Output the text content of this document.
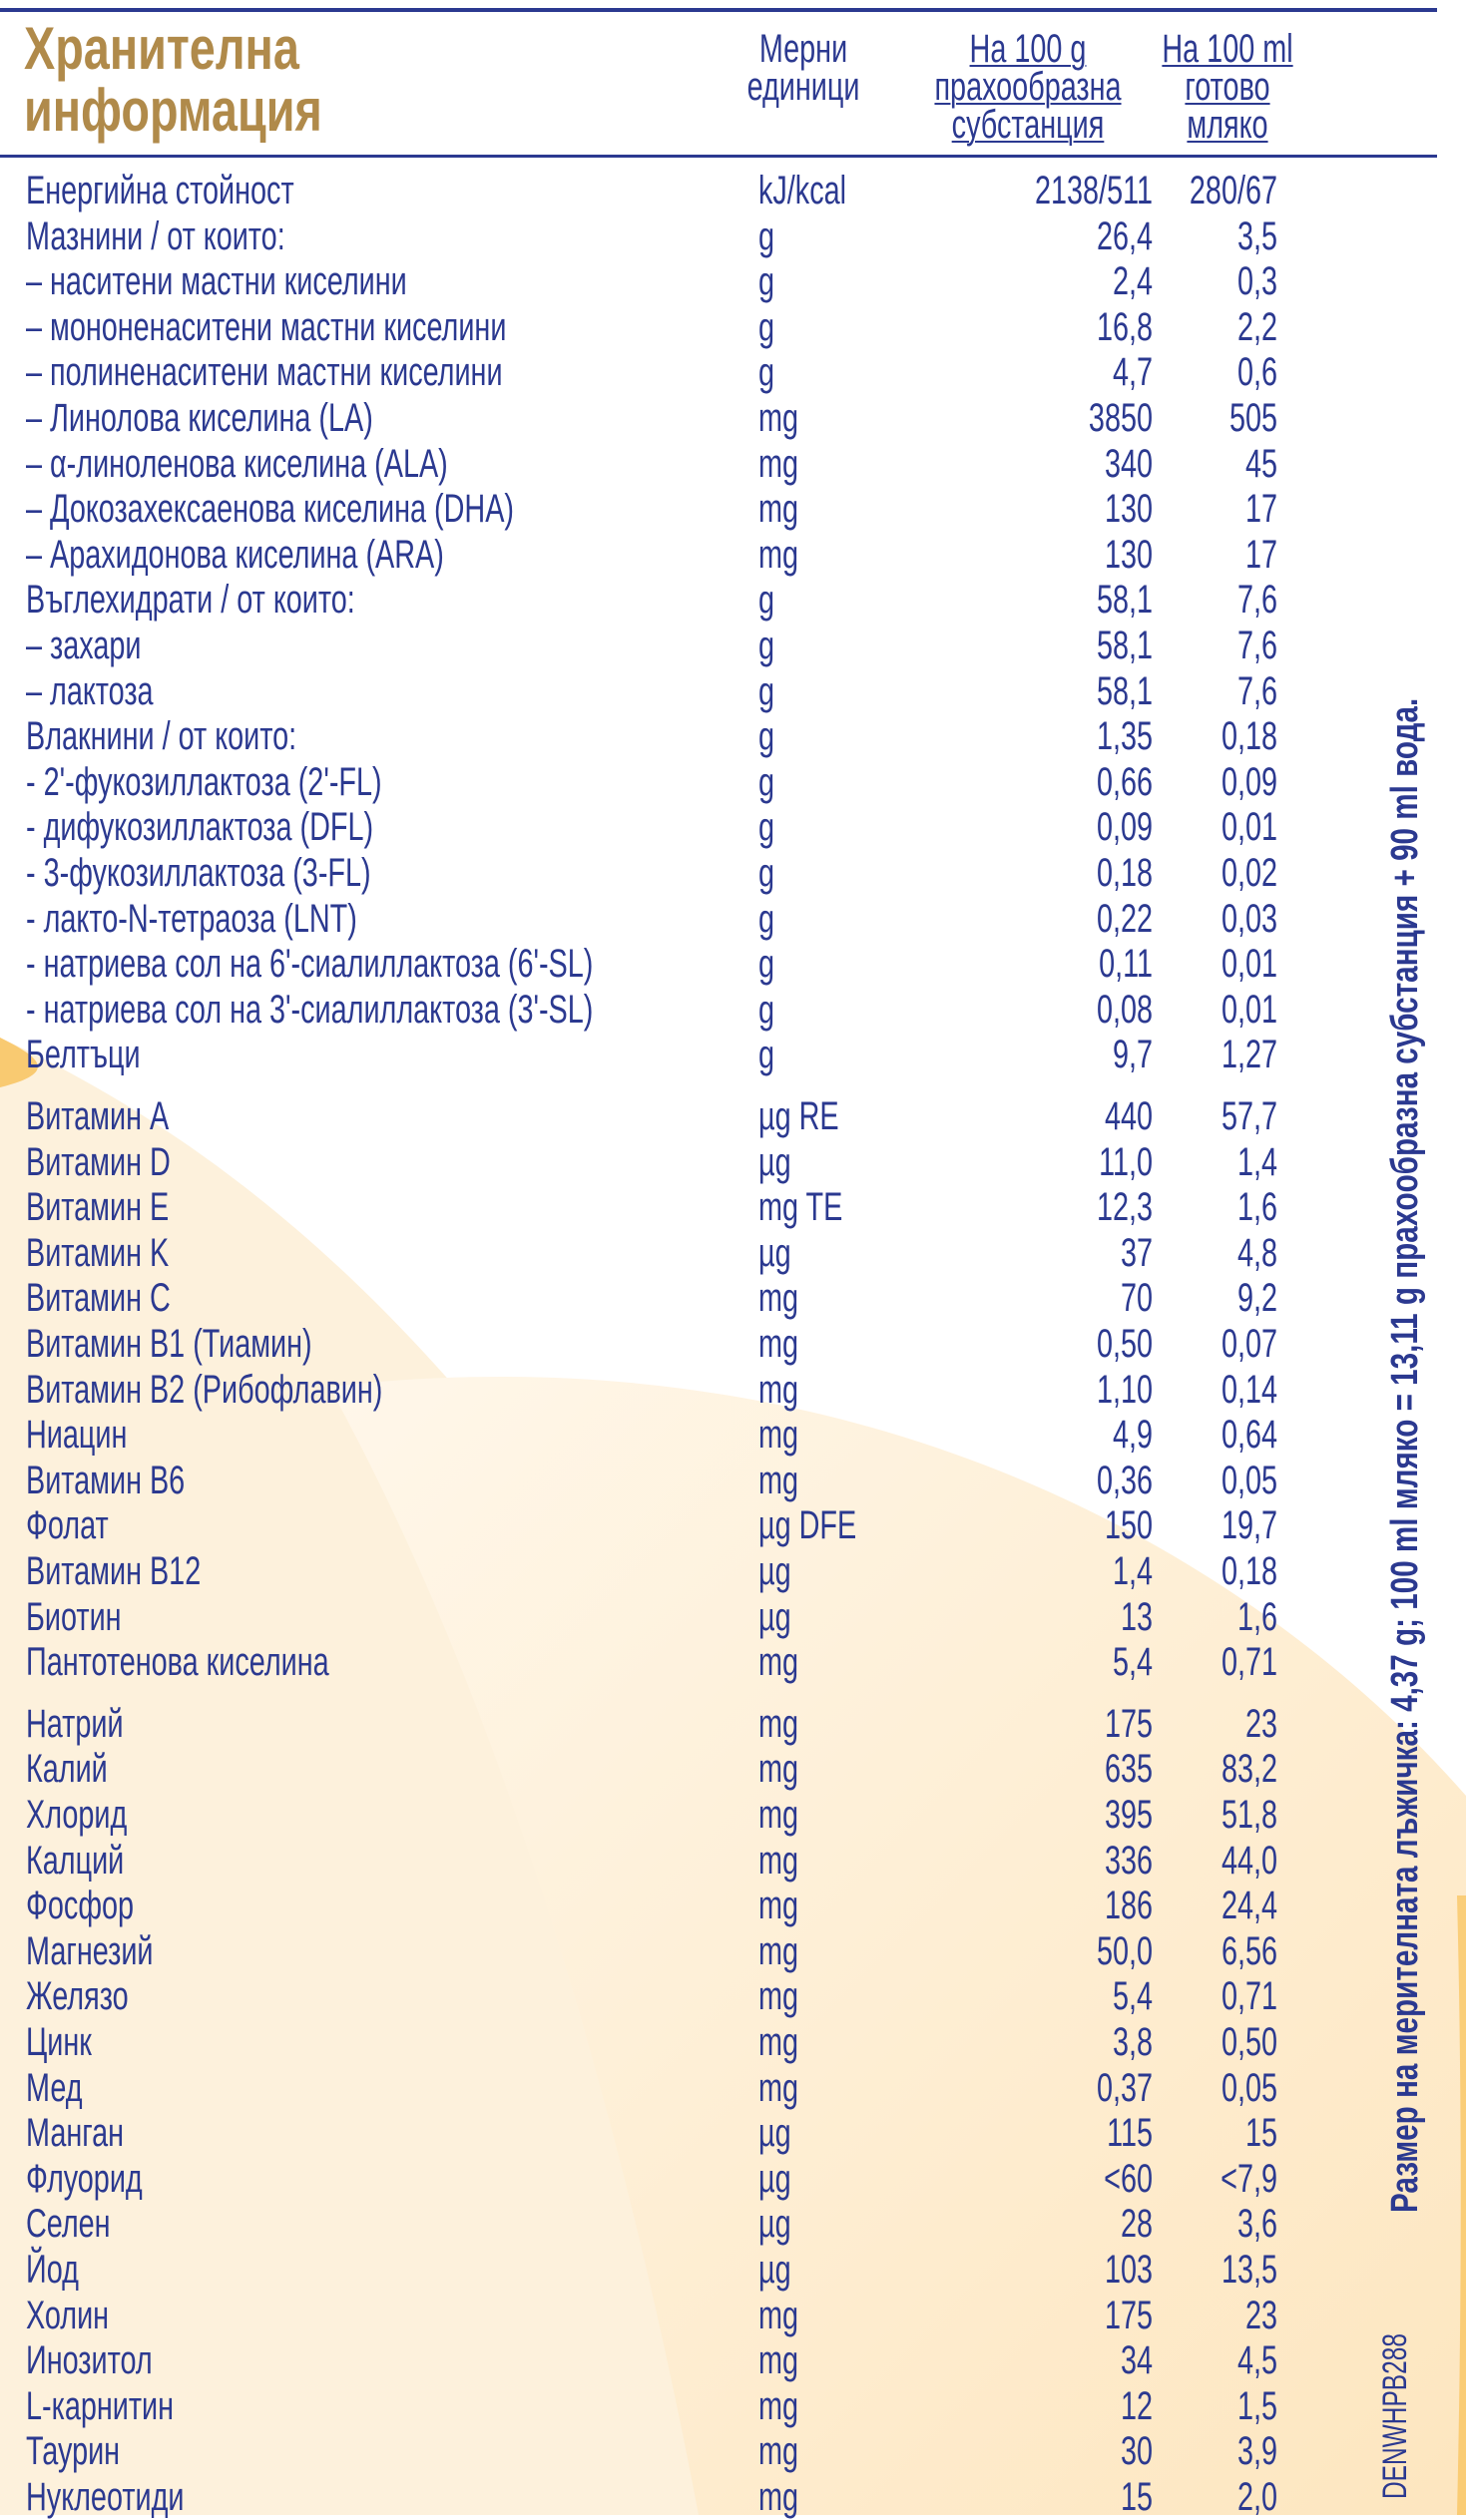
Хранителна
информация
Мерни
единици
На 100 g
прахообразна
субстанция
На 100 ml
готово
мляко
Енергийна стойност	kJ/kcal	2138/511 280/67
Мазнини / от които:	g	26,4	3,5
– наситени мастни киселини	g	2,4	0,3
– мононенаситени мастни киселини	g	16,8	2,2
– полиненаситени мастни киселини	g	4,7	0,6
– Линолова киселина (LA)	mg	3850	505
– α-линоленова киселина (ALA)	mg	340	45
– Докозахексаенова киселина (DHA)	mg	130	17
– Арахидонова киселина (ARA)	mg	130	17
Въглехидрати / от които:	g	58,1	7,6
– захари	g	58,1	7,6
– лактоза	g	58,1	7,6
Влакнини / от които:	g	1,35	0,18
- 2'-фукозиллактоза (2'-FL)	g	0,66	0,09
- дифукозиллактоза (DFL)	g	0,09	0,01
- 3-фукозиллактоза (3-FL)	g	0,18	0,02
- лакто-N-тетраоза (LNT)	g	0,22	0,03
- натриева сол на 6'-сиалиллактоза (6'-SL)	g	0,11	0,01
- натриева сол на 3'-сиалиллактоза (3'-SL)	g	0,08	0,01
Белтъци	g	9,7	1,27
Витамин A	µg RE	440	57,7
Витамин D	µg	11,0	1,4
Витамин E	mg TE	12,3	1,6
Витамин K	µg	37	4,8
Витамин C	mg	70	9,2
Витамин B1 (Тиамин)	mg	0,50	0,07
Витамин B2 (Рибофлавин)	mg	1,10	0,14
Ниацин	mg	4,9	0,64
Витамин B6	mg	0,36	0,05
Фолат	µg DFE	150	19,7
Витамин B12	µg	1,4	0,18
Биотин	µg	13	1,6
Пантотенова киселина	mg	5,4	0,71
Натрий	mg	175	23
Калий	mg	635	83,2
Хлорид	mg	395	51,8
Калций	mg	336	44,0
Фосфор	mg	186	24,4
Магнезий	mg	50,0	6,56
Желязо	mg	5,4	0,71
Цинк	mg	3,8	0,50
Мед	mg	0,37	0,05
Манган	µg	115	15
Флуорид	µg	<60	<7,9
Селен	µg	28	3,6
Йод	µg	103	13,5
Холин	mg	175	23
Инозитол	mg	34	4,5
L-карнитин	mg	12	1,5
Таурин	mg	30	3,9
Нуклеотиди	mg	15	2,0
Размер на мерителната лъжичка: 4,37 g; 100 ml мляко = 13,11 g прахообразна субстанция + 90 ml вода.
DENWHPB288
